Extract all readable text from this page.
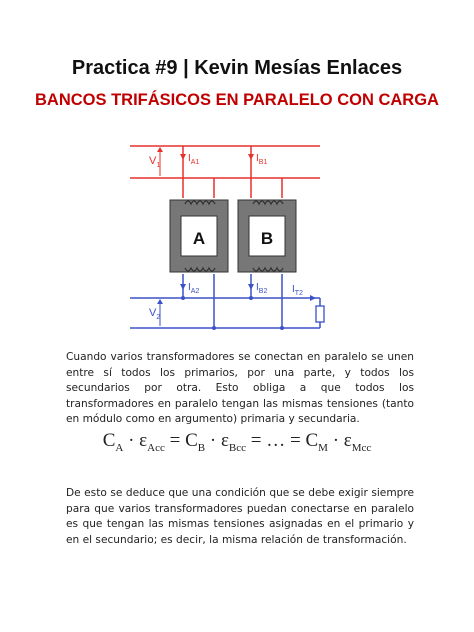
Practica #9 | Kevin Mesías Enlaces
BANCOS TRIFÁSICOS EN PARALELO CON CARGA
$V_1$
$I_{A1}$	$I_{B1}$
A	B
$I_{A2}$	$I_{B2}$
$V_2$
$I_{T2}$
Cuando varios transformadores se conectan en paralelo se unen entre sí todos los primarios, por una parte, y todos los secundarios por otra. Esto obliga a que todos los transformadores en paralelo tengan las mismas tensiones (tanto en módulo como en argumento) primaria y secundaria.
$C_A \cdot \varepsilon_{Acc} = C_B \cdot \varepsilon_{Bcc}$ = … = $C_M \cdot \varepsilon_{Mcc}$
De esto se deduce que una condición que se debe exigir siempre para que varios transformadores puedan conectarse en paralelo es que tengan las mismas tensiones asignadas en el primario y en el secundario; es decir, la misma relación de transformación.
